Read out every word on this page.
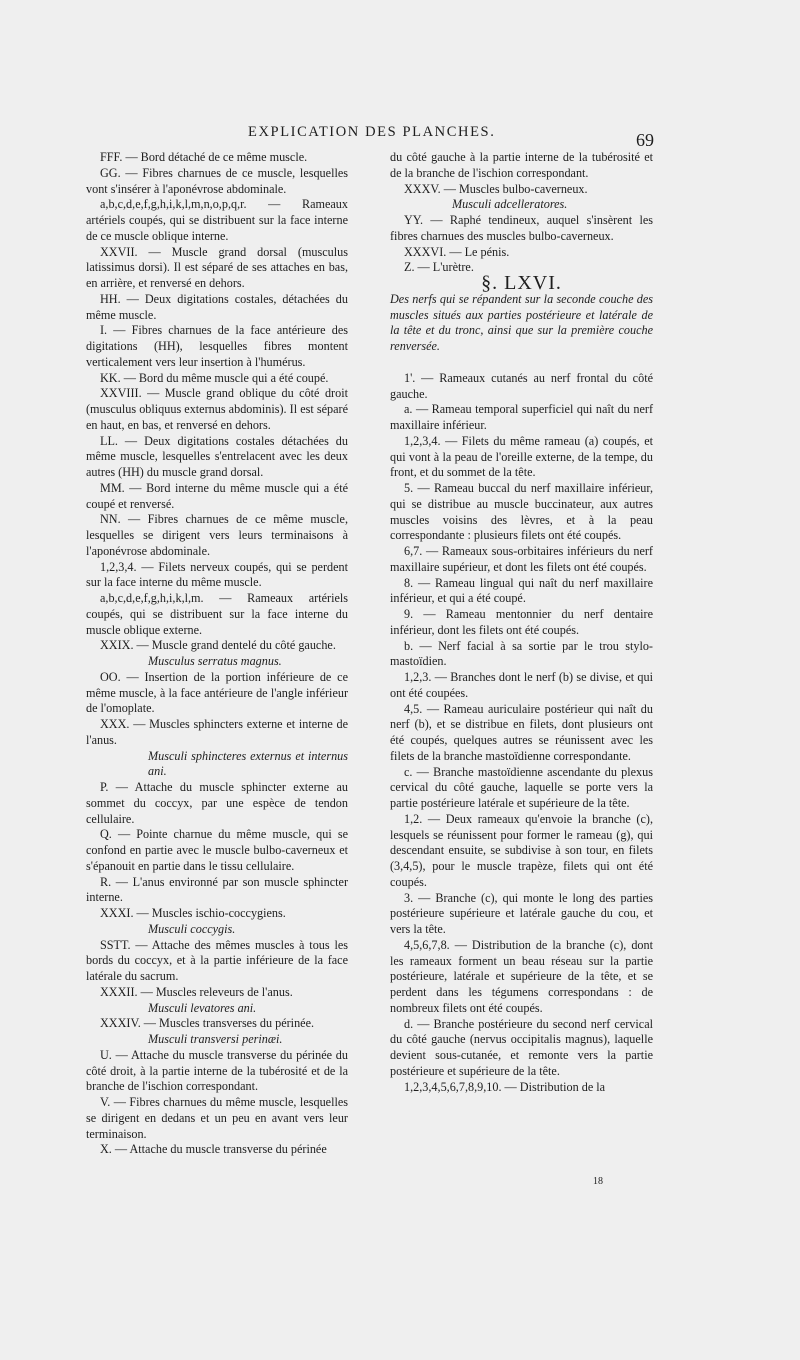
EXPLICATION DES PLANCHES.	69

FFF. — Bord détaché de ce même muscle.

GG. — Fibres charnues de ce muscle, lesquelles vont s'insérer à l'aponévrose abdominale.

a,b,c,d,e,f,g,h,i,k,l,m,n,o,p,q,r. — Rameaux artériels coupés, qui se distribuent sur la face interne de ce muscle oblique interne.

XXVII. — Muscle grand dorsal (musculus latissimus dorsi). Il est séparé de ses attaches en bas, en arrière, et renversé en dehors.

HH. — Deux digitations costales, détachées du même muscle.

I. — Fibres charnues de la face antérieure des digitations (HH), lesquelles fibres montent verticalement vers leur insertion à l'humérus.

KK. — Bord du même muscle qui a été coupé.

XXVIII. — Muscle grand oblique du côté droit (musculus obliquus externus abdominis). Il est séparé en haut, en bas, et renversé en dehors.

LL. — Deux digitations costales détachées du même muscle, lesquelles s'entrelacent avec les deux autres (HH) du muscle grand dorsal.

MM. — Bord interne du même muscle qui a été coupé et renversé.

NN. — Fibres charnues de ce même muscle, lesquelles se dirigent vers leurs terminaisons à l'aponévrose abdominale.

1,2,3,4. — Filets nerveux coupés, qui se perdent sur la face interne du même muscle.

a,b,c,d,e,f,g,h,i,k,l,m. — Rameaux artériels coupés, qui se distribuent sur la face interne du muscle oblique externe.

XXIX. — Muscle grand dentelé du côté gauche.

Musculus serratus magnus.

OO. — Insertion de la portion inférieure de ce même muscle, à la face antérieure de l'angle inférieur de l'omoplate.

XXX. — Muscles sphincters externe et interne de l'anus.

Musculi sphincteres externus et internus ani.

P. — Attache du muscle sphincter externe au sommet du coccyx, par une espèce de tendon cellulaire.

Q. — Pointe charnue du même muscle, qui se confond en partie avec le muscle bulbo-caverneux et s'épanouit en partie dans le tissu cellulaire.

R. — L'anus environné par son muscle sphincter interne.

XXXI. — Muscles ischio-coccygiens.

Musculi coccygis.

SSTT. — Attache des mêmes muscles à tous les bords du coccyx, et à la partie inférieure de la face latérale du sacrum.

XXXII. — Muscles releveurs de l'anus.

Musculi levatores ani.

XXXIV. — Muscles transverses du périnée.

Musculi transversi perinæi.

U. — Attache du muscle transverse du périnée du côté droit, à la partie interne de la tubérosité et de la branche de l'ischion correspondant.

V. — Fibres charnues du même muscle, lesquelles se dirigent en dedans et un peu en avant vers leur terminaison.

X. — Attache du muscle transverse du périnée

du côté gauche à la partie interne de la tubérosité et de la branche de l'ischion correspondant.

XXXV. — Muscles bulbo-caverneux.

Musculi adcelleratores.

YY. — Raphé tendineux, auquel s'insèrent les fibres charnues des muscles bulbo-caverneux.

XXXVI. — Le pénis.

Z. — L'urètre.

§. LXVI.

Des nerfs qui se répandent sur la seconde couche des muscles situés aux parties postérieure et latérale de la tête et du tronc, ainsi que sur la première couche renversée.

1'. — Rameaux cutanés au nerf frontal du côté gauche.

a. — Rameau temporal superficiel qui naît du nerf maxillaire inférieur.

1,2,3,4. — Filets du même rameau (a) coupés, et qui vont à la peau de l'oreille externe, de la tempe, du front, et du sommet de la tête.

5. — Rameau buccal du nerf maxillaire inférieur, qui se distribue au muscle buccinateur, aux autres muscles voisins des lèvres, et à la peau correspondante : plusieurs filets ont été coupés.

6,7. — Rameaux sous-orbitaires inférieurs du nerf maxillaire supérieur, et dont les filets ont été coupés.

8. — Rameau lingual qui naît du nerf maxillaire inférieur, et qui a été coupé.

9. — Rameau mentonnier du nerf dentaire inférieur, dont les filets ont été coupés.

b. — Nerf facial à sa sortie par le trou stylo-mastoïdien.

1,2,3. — Branches dont le nerf (b) se divise, et qui ont été coupées.

4,5. — Rameau auriculaire postérieur qui naît du nerf (b), et se distribue en filets, dont plusieurs ont été coupés, quelques autres se réunissent avec les filets de la branche mastoïdienne correspondante.

c. — Branche mastoïdienne ascendante du plexus cervical du côté gauche, laquelle se porte vers la partie postérieure latérale et supérieure de la tête.

1,2. — Deux rameaux qu'envoie la branche (c), lesquels se réunissent pour former le rameau (g), qui descendant ensuite, se subdivise à son tour, en filets (3,4,5), pour le muscle trapèze, filets qui ont été coupés.

3. — Branche (c), qui monte le long des parties postérieure supérieure et latérale gauche du cou, et vers la tête.

4,5,6,7,8. — Distribution de la branche (c), dont les rameaux forment un beau réseau sur la partie postérieure, latérale et supérieure de la tête, et se perdent dans les tégumens correspondans : de nombreux filets ont été coupés.

d. — Branche postérieure du second nerf cervical du côté gauche (nervus occipitalis magnus), laquelle devient sous-cutanée, et remonte vers la partie postérieure et supérieure de la tête.

1,2,3,4,5,6,7,8,9,10. — Distribution de la

18
